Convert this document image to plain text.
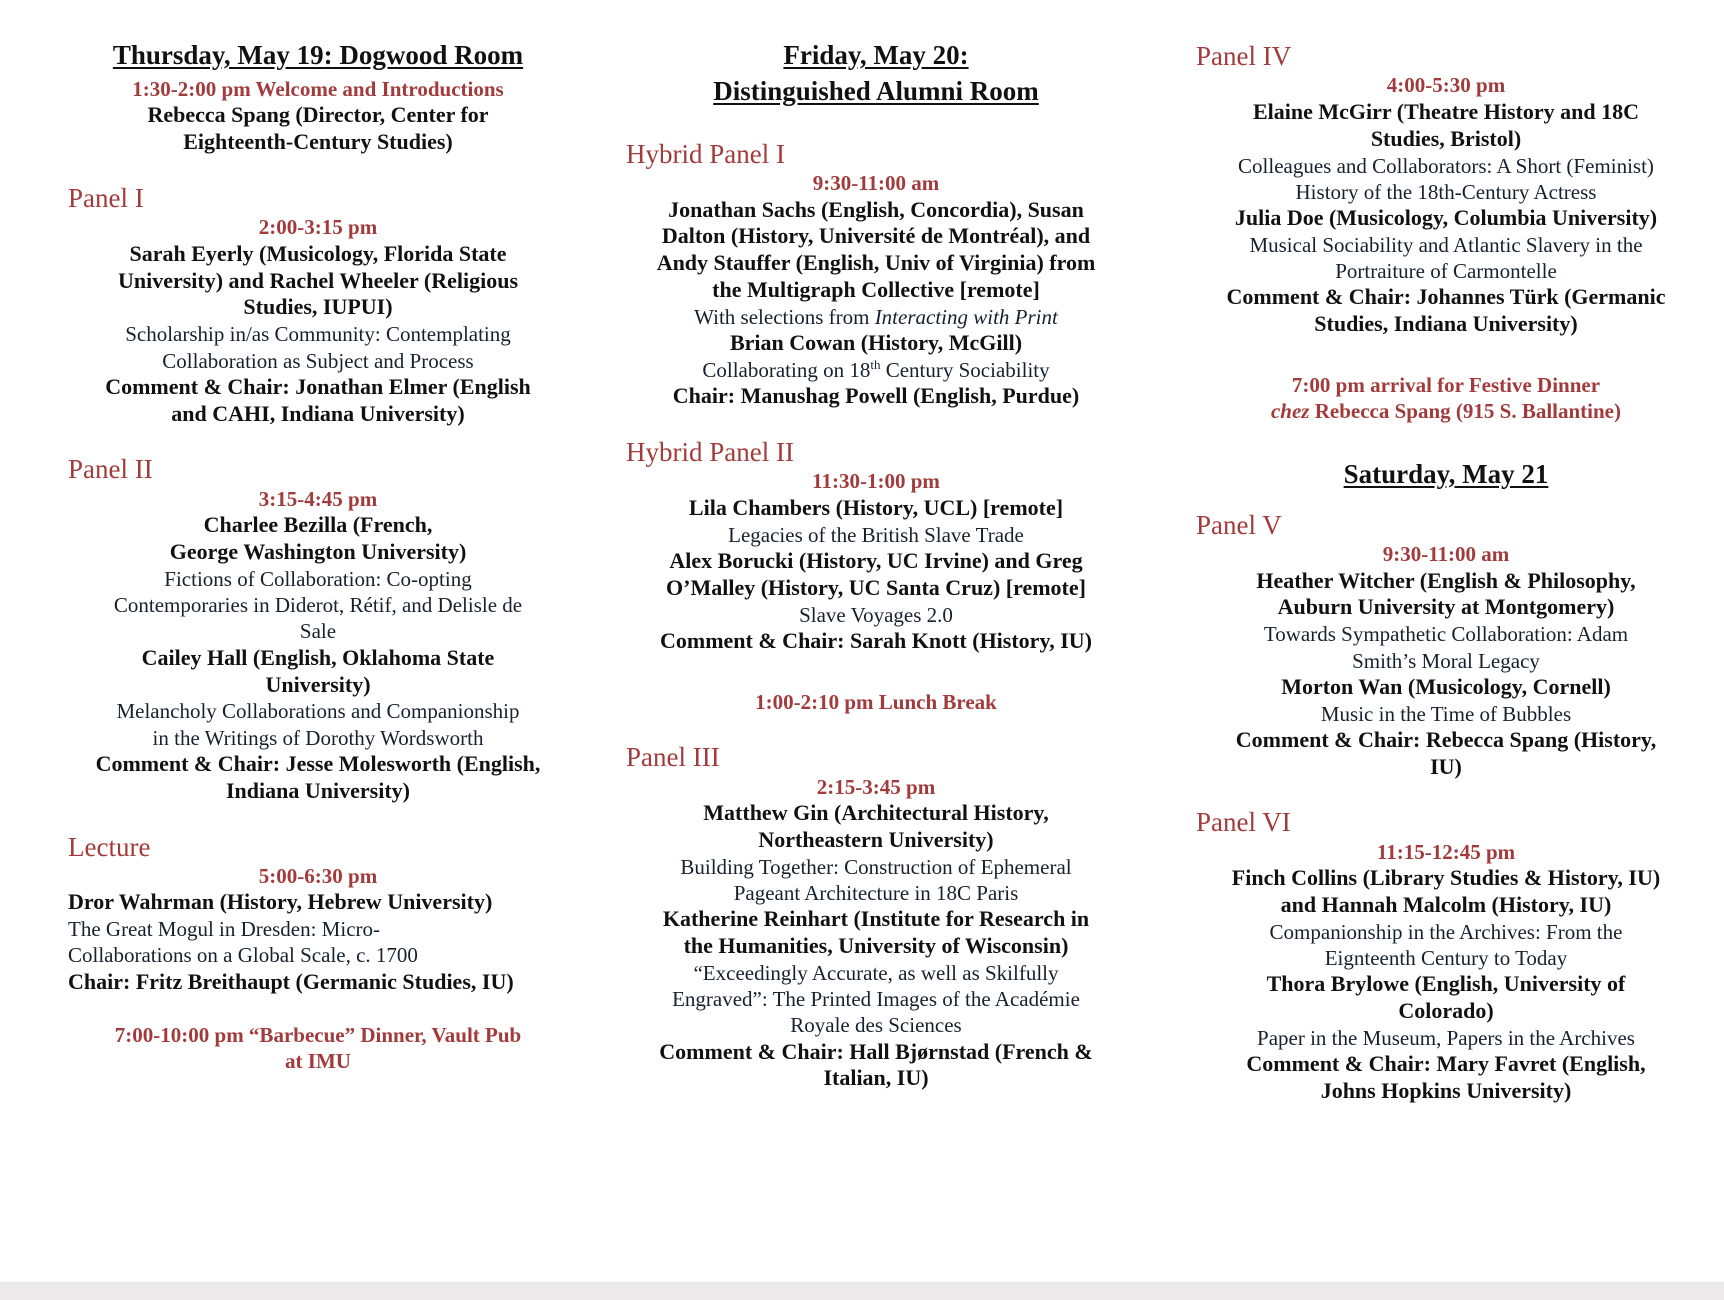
Thursday, May 19: Dogwood Room
1:30-2:00 pm Welcome and Introductions
Rebecca Spang (Director, Center for
Eighteenth-Century Studies)
Panel I
2:00-3:15 pm
Sarah Eyerly (Musicology, Florida State
University) and Rachel Wheeler (Religious
Studies, IUPUI)
Scholarship in/as Community: Contemplating
Collaboration as Subject and Process
Comment & Chair: Jonathan Elmer (English
and CAHI, Indiana University)
Panel II
3:15-4:45 pm
Charlee Bezilla (French,
George Washington University)
Fictions of Collaboration: Co-opting
Contemporaries in Diderot, Rétif, and Delisle de
Sale
Cailey Hall (English, Oklahoma State
University)
Melancholy Collaborations and Companionship
in the Writings of Dorothy Wordsworth
Comment & Chair: Jesse Molesworth (English,
Indiana University)
Lecture
5:00-6:30 pm
Dror Wahrman (History, Hebrew University)
The Great Mogul in Dresden: Micro-
Collaborations on a Global Scale, c. 1700
Chair: Fritz Breithaupt (Germanic Studies, IU)
7:00-10:00 pm “Barbecue” Dinner, Vault Pub
at IMU
Friday, May 20:
Distinguished Alumni Room
Hybrid Panel I
9:30-11:00 am
Jonathan Sachs (English, Concordia), Susan
Dalton (History, Université de Montréal), and
Andy Stauffer (English, Univ of Virginia) from
the Multigraph Collective [remote]
With selections from Interacting with Print
Brian Cowan (History, McGill)
Collaborating on 18th Century Sociability
Chair: Manushag Powell (English, Purdue)
Hybrid Panel II
11:30-1:00 pm
Lila Chambers (History, UCL) [remote]
Legacies of the British Slave Trade
Alex Borucki (History, UC Irvine) and Greg
O’Malley (History, UC Santa Cruz) [remote]
Slave Voyages 2.0
Comment & Chair: Sarah Knott (History, IU)
1:00-2:10 pm Lunch Break
Panel III
2:15-3:45 pm
Matthew Gin (Architectural History,
Northeastern University)
Building Together: Construction of Ephemeral
Pageant Architecture in 18C Paris
Katherine Reinhart (Institute for Research in
the Humanities, University of Wisconsin)
“Exceedingly Accurate, as well as Skilfully
Engraved”: The Printed Images of the Académie
Royale des Sciences
Comment & Chair: Hall Bjørnstad (French &
Italian, IU)
Panel IV
4:00-5:30 pm
Elaine McGirr (Theatre History and 18C
Studies, Bristol)
Colleagues and Collaborators: A Short (Feminist)
History of the 18th-Century Actress
Julia Doe (Musicology, Columbia University)
Musical Sociability and Atlantic Slavery in the
Portraiture of Carmontelle
Comment & Chair: Johannes Türk (Germanic
Studies, Indiana University)
7:00 pm arrival for Festive Dinner
chez Rebecca Spang (915 S. Ballantine)
Saturday, May 21
Panel V
9:30-11:00 am
Heather Witcher (English & Philosophy,
Auburn University at Montgomery)
Towards Sympathetic Collaboration: Adam
Smith’s Moral Legacy
Morton Wan (Musicology, Cornell)
Music in the Time of Bubbles
Comment & Chair: Rebecca Spang (History,
IU)
Panel VI
11:15-12:45 pm
Finch Collins (Library Studies & History, IU)
and Hannah Malcolm (History, IU)
Companionship in the Archives: From the
Eignteenth Century to Today
Thora Brylowe (English, University of
Colorado)
Paper in the Museum, Papers in the Archives
Comment & Chair: Mary Favret (English,
Johns Hopkins University)
